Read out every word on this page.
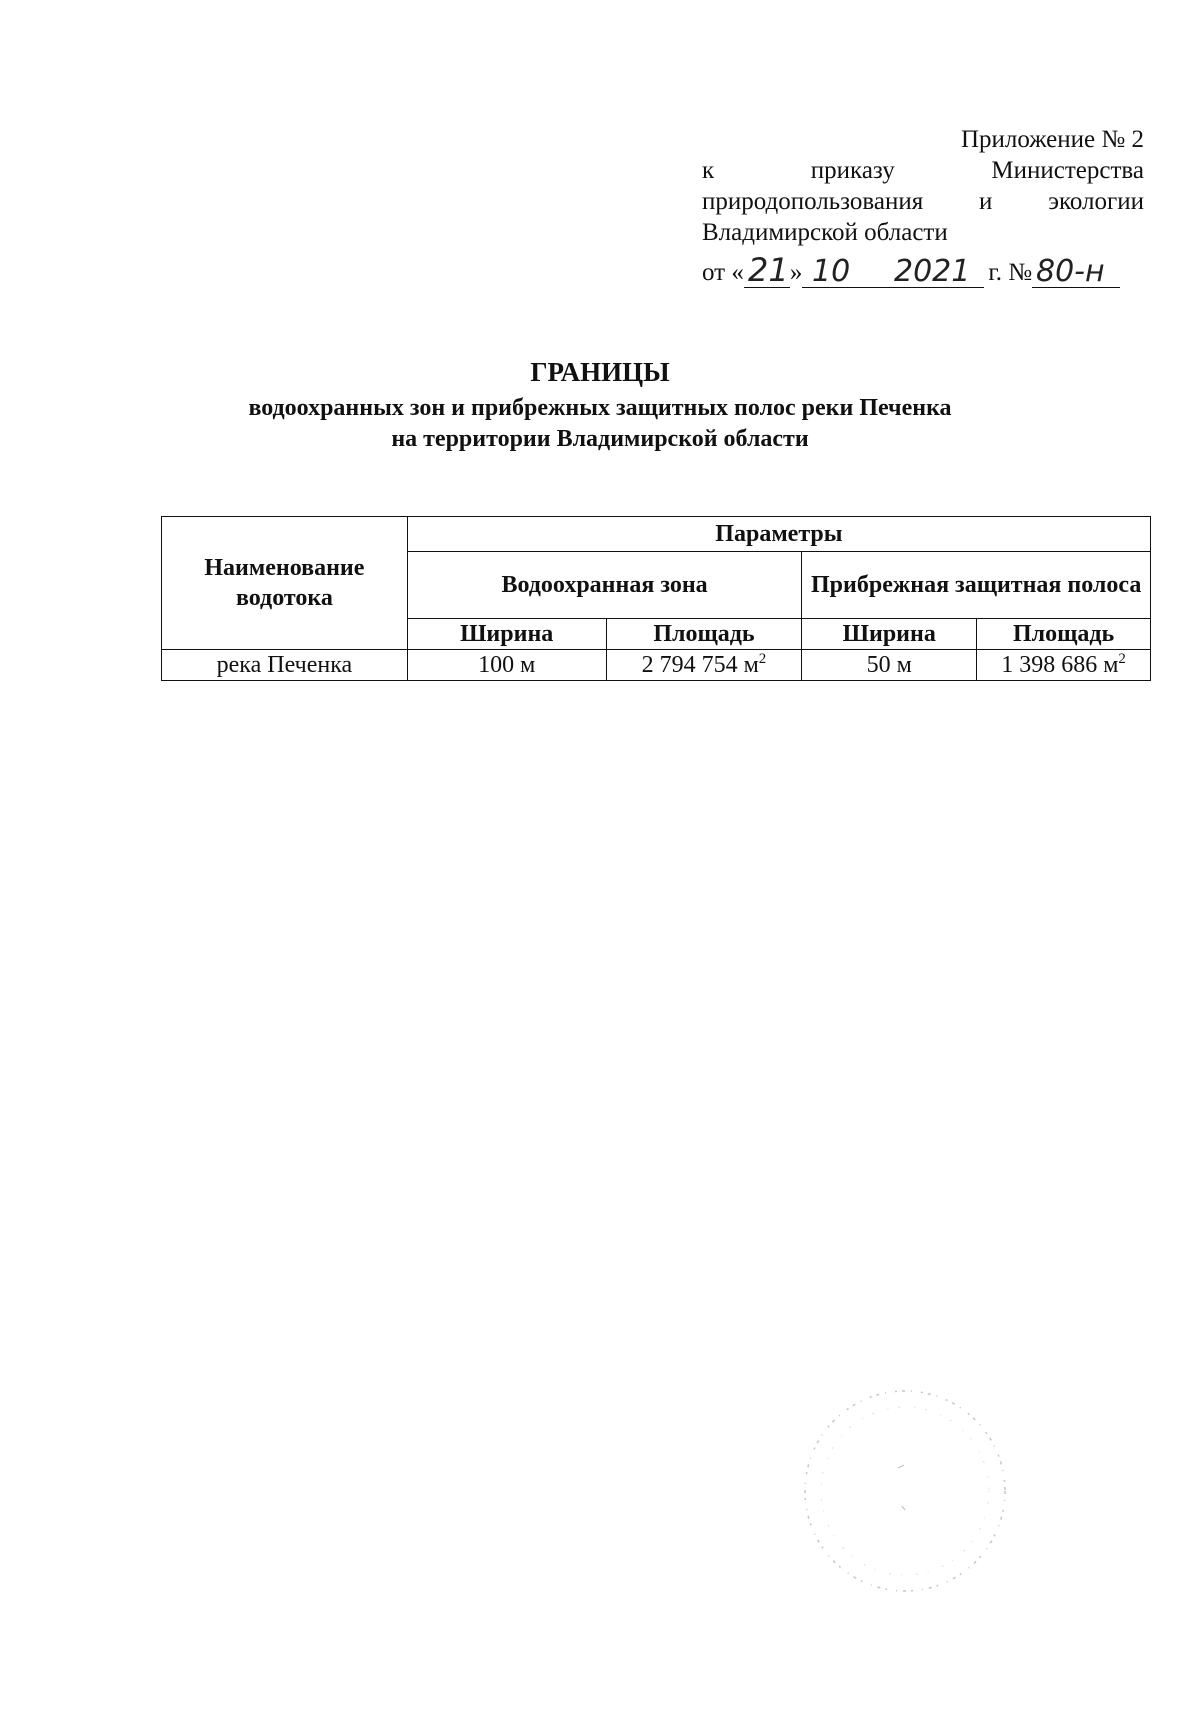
Приложение № 2
к	приказу	Министерства
природопользования и экологии
Владимирской области
от « 21 » 10 2021 г. № 80-н
ГРАНИЦЫ
водоохранных зон и прибрежных защитных полос реки Печенка
на территории Владимирской области
Наименование водотока	Параметры			
	Водоохранная зона		Прибрежная защитная полоса	
	Ширина	Площадь	Ширина	Площадь
река Печенка	100 м	2 794 754 $м^2$	50 м	1 398 686 $м^2$
